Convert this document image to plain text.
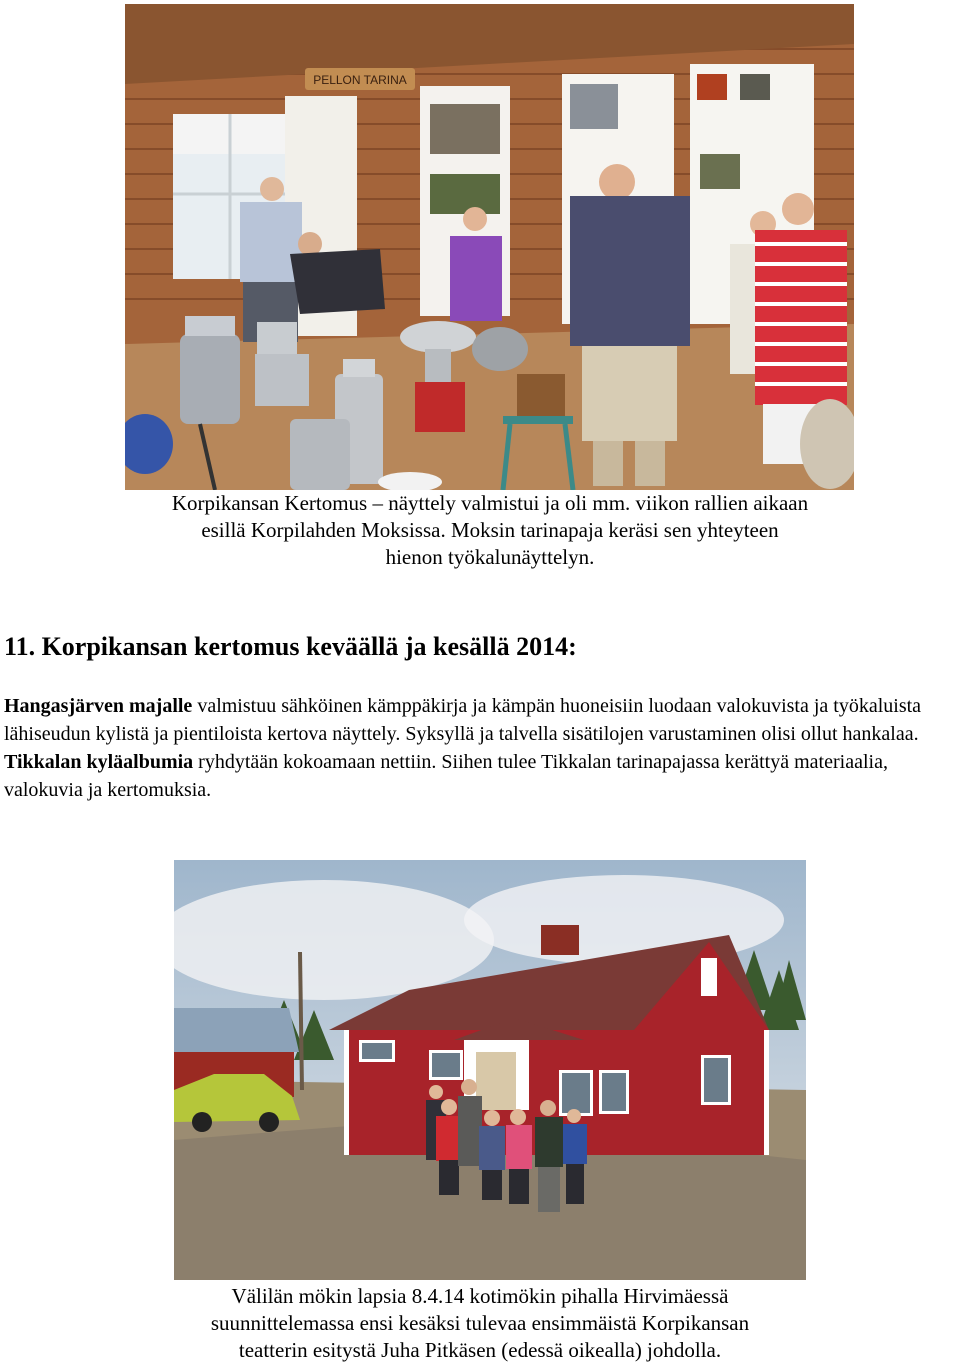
PELLON TARINA
Korpikansan Kertomus – näyttely valmistui ja oli mm. viikon rallien aikaan
esillä Korpilahden Moksissa. Moksin tarinapaja keräsi sen yhteyteen
hienon työkalunäyttelyn.
11. Korpikansan kertomus keväällä ja kesällä 2014:
Hangasjärven majalle valmistuu sähköinen kämppäkirja ja kämpän huoneisiin luodaan valokuvista ja työkaluista lähiseudun kylistä ja pientiloista kertova näyttely. Syksyllä ja talvella sisätilojen varustaminen olisi ollut hankalaa.
Tikkalan kyläalbumia ryhdytään kokoamaan nettiin. Siihen tulee Tikkalan tarinapajassa kerättyä materiaalia, valokuvia ja kertomuksia.
Välilän mökin lapsia 8.4.14 kotimökin pihalla Hirvimäessä
suunnittelemassa ensi kesäksi tulevaa ensimmäistä Korpikansan
teatterin esitystä Juha Pitkäsen (edessä oikealla) johdolla.
